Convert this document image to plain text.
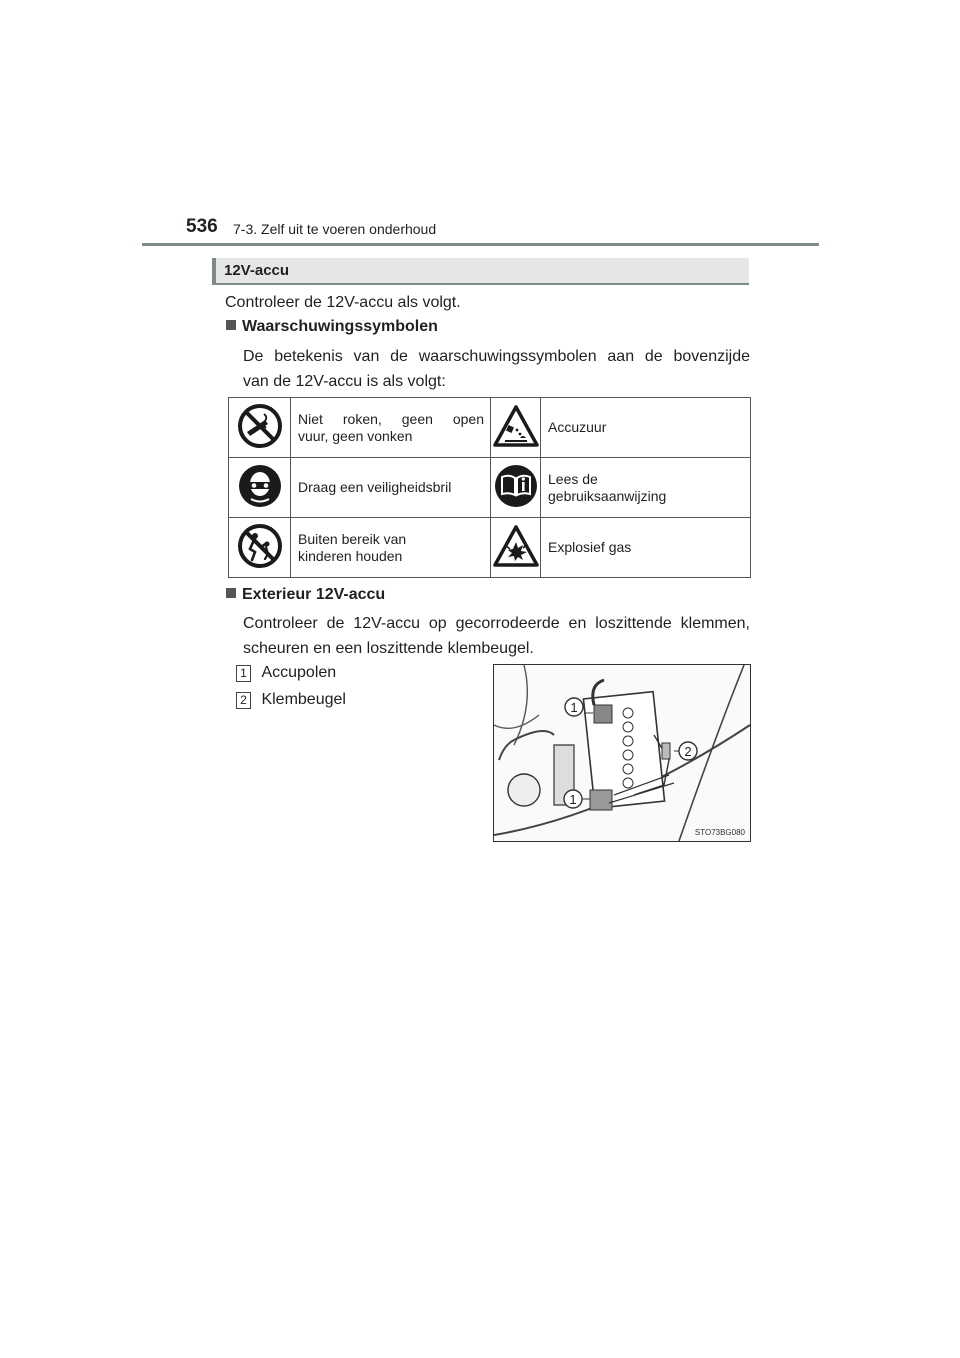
536 7-3. Zelf uit te voeren onderhoud
12V-accu
Controleer de 12V-accu als volgt.
Waarschuwingssymbolen
De betekenis van de waarschuwingssymbolen aan de bovenzijde
van de 12V-accu is als volgt:
	Niet roken, geen open

vuur, geen vonken		Accuzuur
	Draag een veiligheidsbril		Lees de
gebruiksaanwijzing
	Buiten bereik van
kinderen houden		Explosief gas
Exterieur 12V-accu
Controleer de 12V-accu op gecorrodeerde en loszittende klemmen,
scheuren en een loszittende klembeugel.
1 Accupolen
2 Klembeugel	1
1
2
STO73BG080
